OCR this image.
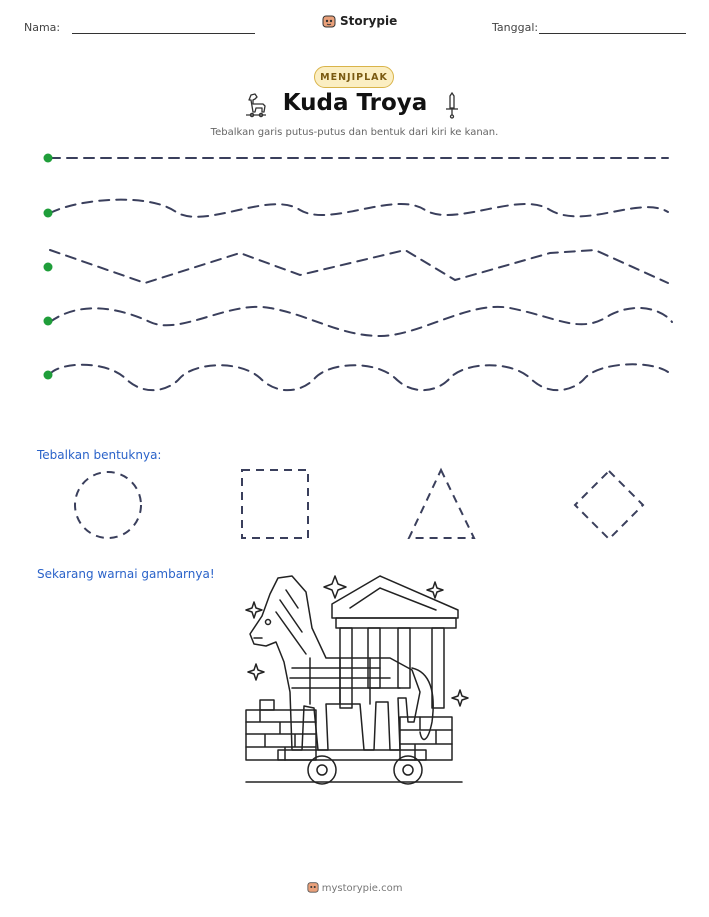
Nama:	Storypie	Tanggal:
MENJIPLAK
Kuda Troya
Tebalkan garis putus-putus dan bentuk dari kiri ke kanan.
Tebalkan bentuknya:
Sekarang warnai gambarnya!
mystorypie.com
